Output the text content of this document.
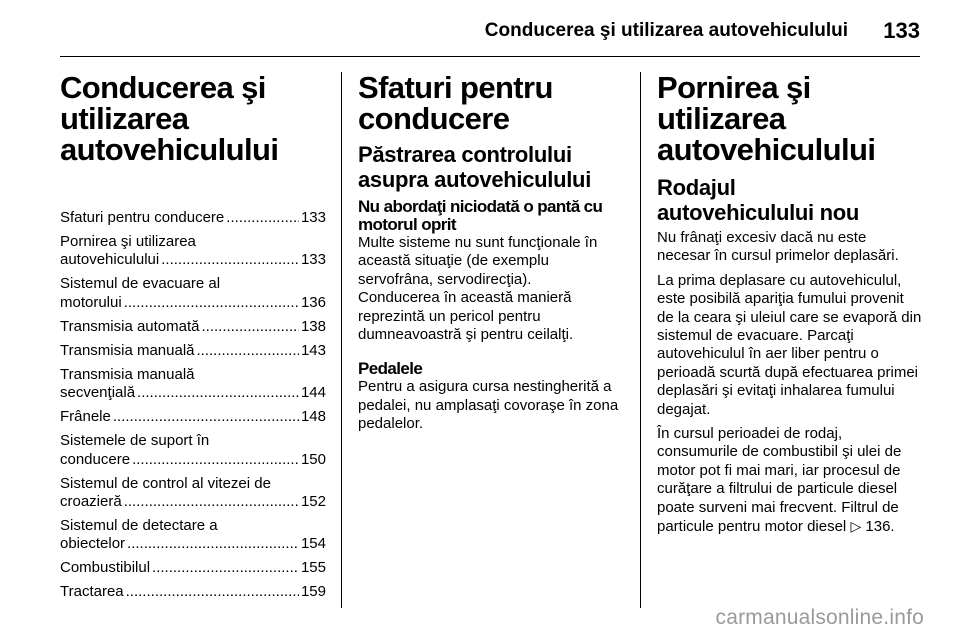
Conducerea şi utilizarea autovehiculului 133
Conducerea şi utilizarea autovehiculului
Sfaturi pentru conducere .....	133
Pornirea şi utilizarea
autovehiculului .....	133
Sistemul de evacuare al
motorului .....	136
Transmisia automată .....	138
Transmisia manuală .....	143
Transmisia manuală
secvenţială .....	144
Frânele .....	148
Sistemele de suport în
conducere .....	150
Sistemul de control al vitezei de
croazieră .....	152
Sistemul de detectare a
obiectelor .....	154
Combustibilul .....	155
Tractarea .....	159
Sfaturi pentru conducere
Păstrarea controlului asupra autovehiculului
Nu abordaţi niciodată o pantă cu motorul oprit

Multe sisteme nu sunt funcţionale în această situaţie (de exemplu servofrâna, servodirecţia). Conducerea în această manieră reprezintă un pericol pentru dumneavoastră şi pentru ceilalţi.

Pedalele

Pentru a asigura cursa nestingherită a pedalei, nu amplasaţi covoraşe în zona pedalelor.

Pornirea şi utilizarea autovehiculului
Rodajul autovehiculului nou

Nu frânaţi excesiv dacă nu este necesar în cursul primelor deplasări.

La prima deplasare cu autovehiculul, este posibilă apariţia fumului provenit de la ceara şi uleiul care se evaporă din sistemul de evacuare. Parcaţi autovehiculul în aer liber pentru o perioadă scurtă după efectuarea primei deplasări şi evitaţi inhalarea fumului degajat.

În cursul perioadei de rodaj, consumurile de combustibil şi ulei de motor pot fi mai mari, iar procesul de curăţare a filtrului de particule diesel poate surveni mai frecvent. Filtrul de particule pentru motor diesel ▷ 136.

carmanualsonline.info
